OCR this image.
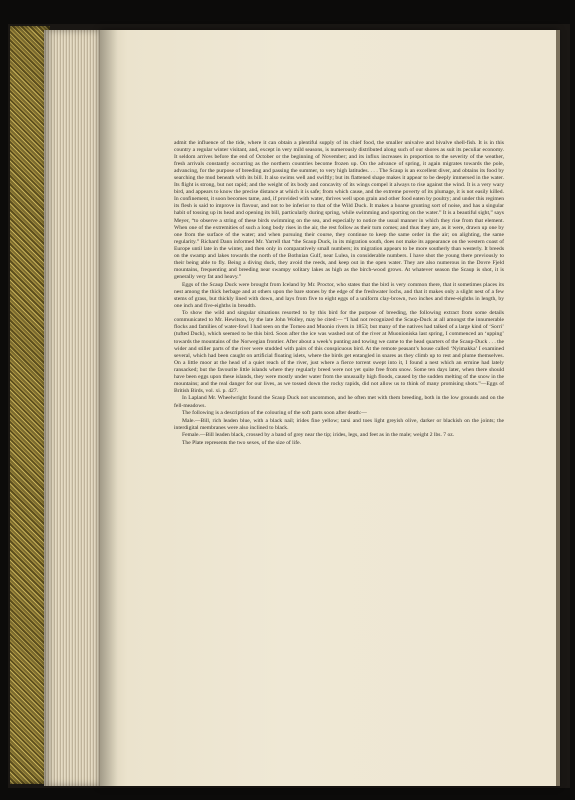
admit the influence of the tide, where it can obtain a plentiful supply of its chief food, the smaller univalve and bivalve shell-fish. It is in this country a regular winter visitant, and, except in very mild seasons, is numerously distributed along such of our shores as suit its peculiar economy. It seldom arrives before the end of October or the beginning of November; and its influx increases in proportion to the severity of the weather, fresh arrivals constantly occurring as the northern countries become frozen up. On the advance of spring, it again migrates towards the pole, advancing, for the purpose of breeding and passing the summer, to very high latitudes. . . . The Scaup is an excellent diver, and obtains its food by searching the mud beneath with its bill. It also swims well and swiftly; but its flattened shape makes it appear to be deeply immersed in the water. Its flight is strong, but not rapid; and the weight of its body and concavity of its wings compel it always to rise against the wind. It is a very wary bird, and appears to know the precise distance at which it is safe; from which cause, and the extreme poverty of its plumage, it is not easily killed. In confinement, it soon becomes tame, and, if provided with water, thrives well upon grain and other food eaten by poultry; and under this regimen its flesh is said to improve in flavour, and not to be inferior to that of the Wild Duck. It makes a hoarse grunting sort of noise, and has a singular habit of tossing up its head and opening its bill, particularly during spring, while swimming and sporting on the water.” It is a beautiful sight,” says Meyer, “to observe a string of these birds swimming on the sea, and especially to notice the usual manner in which they rise from that element. When one of the extremities of such a long body rises in the air, the rest follow as their turn comes; and thus they are, as it were, drawn up one by one from the surface of the water; and when pursuing their course, they continue to keep the same order in the air; on alighting, the same regularity.” Richard Dann informed Mr. Yarrell that “the Scaup Duck, in its migration south, does not make its appearance on the western coast of Europe until late in the winter, and then only in comparatively small numbers; its migration appears to be more southerly than westerly. It breeds on the swamp and lakes towards the north of the Bothnian Gulf, near Lulea, in considerable numbers. I have shot the young there previously to their being able to fly. Being a diving duck, they avoid the reeds, and keep out in the open water. They are also numerous in the Dovre Fjeld mountains, frequenting and breeding near swampy solitary lakes as high as the birch-wood grows. At whatever season the Scaup is shot, it is generally very fat and heavy.”

Eggs of the Scaup Duck were brought from Iceland by Mr. Proctor, who states that the bird is very common there, that it sometimes places its nest among the thick herbage and at others upon the bare stones by the edge of the freshwater lochs, and that it makes only a slight nest of a few stems of grass, but thickly lined with down, and lays from five to eight eggs of a uniform clay-brown, two inches and three-eighths in length, by one inch and five-eighths in breadth.

To show the wild and singular situations resorted to by this bird for the purpose of breeding, the following extract from some details communicated to Mr. Hewitson, by the late John Wolley, may be cited:— “I had not recognized the Scaup-Duck at all amongst the innumerable flocks and families of water-fowl I had seen on the Torneo and Muonio rivers in 1853; but many of the natives had talked of a large kind of ‘Sorri’ (tufted Duck), which seemed to be this bird. Soon after the ice was washed out of the river at Muonioniska last spring, I commenced an ‘upping’ towards the mountains of the Norwegian frontier. After about a week’s punting and towing we came to the head quarters of the Scaup-Duck . . . the wider and stiller parts of the river were studded with pairs of this conspicuous bird. At the remote peasant’s house called ‘Nyimakka’ I examined several, which had been caught on artificial floating islets, where the birds get entangled in snares as they climb up to rest and plume themselves. On a little moor at the head of a quiet reach of the river, just where a fierce torrent swept into it, I found a nest which an ermine had lately ransacked; but the favourite little islands where they regularly breed were not yet quite free from snow. Some ten days later, when there should have been eggs upon these islands, they were mostly under water from the unusually high floods, caused by the sudden melting of the snow in the mountains; and the real danger for our lives, as we tossed down the rocky rapids, did not allow us to think of many promising shots.”—Eggs of British Birds, vol. xi. p. 427.

In Lapland Mr. Wheelwright found the Scaup Duck not uncommon, and he often met with them breeding, both in the low grounds and on the fell-meadows.

The following is a description of the colouring of the soft parts soon after death:—

Male.—Bill, rich leaden blue, with a black nail; irides fine yellow; tarsi and toes light greyish olive, darker or blackish on the joints; the interdigital membranes were also inclined to black.

Female.—Bill leaden black, crossed by a band of grey near the tip; irides, legs, and feet as in the male; weight 2 lbs. 7 oz.

The Plate represents the two sexes, of the size of life.
